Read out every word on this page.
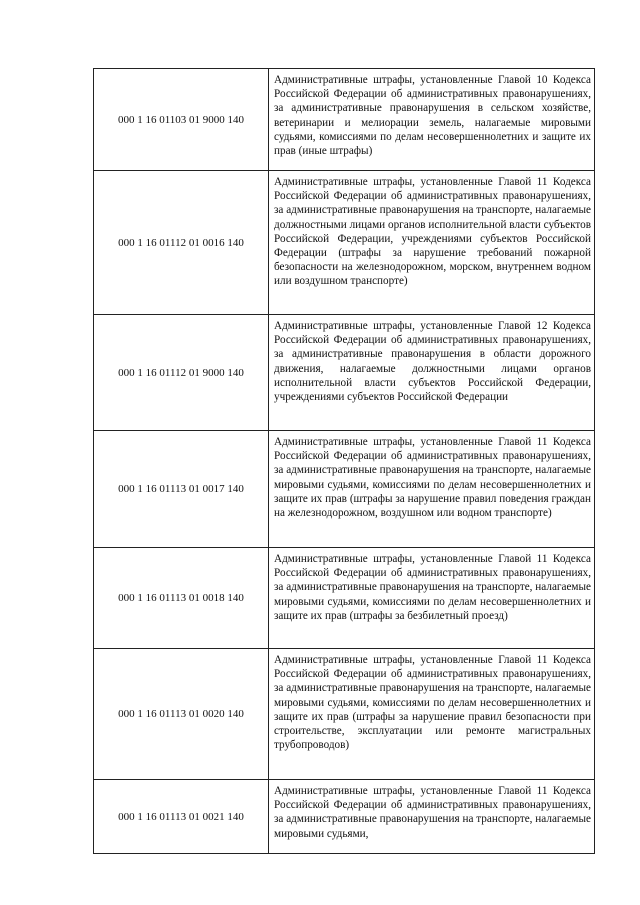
000 1 16 01103 01 9000 140	Административные штрафы, установленные Главой 10 Кодекса Российской Федерации об административных правонарушениях, за административные правонарушения в сельском хозяйстве, ветеринарии и мелиорации земель, налагаемые мировыми судьями, комиссиями по делам несовершеннолетних и защите их прав (иные штрафы)
000 1 16 01112 01 0016 140	Административные штрафы, установленные Главой 11 Кодекса Российской Федерации об административных правонарушениях, за административные правонарушения на транспорте, налагаемые должностными лицами органов исполнительной власти субъектов Российской Федерации, учреждениями субъектов Российской Федерации (штрафы за нарушение требований пожарной безопасности на железнодорожном, морском, внутреннем водном или воздушном транспорте)
000 1 16 01112 01 9000 140	Административные штрафы, установленные Главой 12 Кодекса Российской Федерации об административных правонарушениях, за административные правонарушения в области дорожного движения, налагаемые должностными лицами органов исполнительной власти субъектов Российской Федерации, учреждениями субъектов Российской Федерации
000 1 16 01113 01 0017 140	Административные штрафы, установленные Главой 11 Кодекса Российской Федерации об административных правонарушениях, за административные правонарушения на транспорте, налагаемые мировыми судьями, комиссиями по делам несовершеннолетних и защите их прав (штрафы за нарушение правил поведения граждан на железнодорожном, воздушном или водном транспорте)
000 1 16 01113 01 0018 140	Административные штрафы, установленные Главой 11 Кодекса Российской Федерации об административных правонарушениях, за административные правонарушения на транспорте, налагаемые мировыми судьями, комиссиями по делам несовершеннолетних и защите их прав (штрафы за безбилетный проезд)
000 1 16 01113 01 0020 140	Административные штрафы, установленные Главой 11 Кодекса Российской Федерации об административных правонарушениях, за административные правонарушения на транспорте, налагаемые мировыми судьями, комиссиями по делам несовершеннолетних и защите их прав (штрафы за нарушение правил безопасности при строительстве, эксплуатации или ремонте магистральных трубопроводов)
000 1 16 01113 01 0021 140	Административные штрафы, установленные Главой 11 Кодекса Российской Федерации об административных правонарушениях, за административные правонарушения на транспорте, налагаемые мировыми судьями,
